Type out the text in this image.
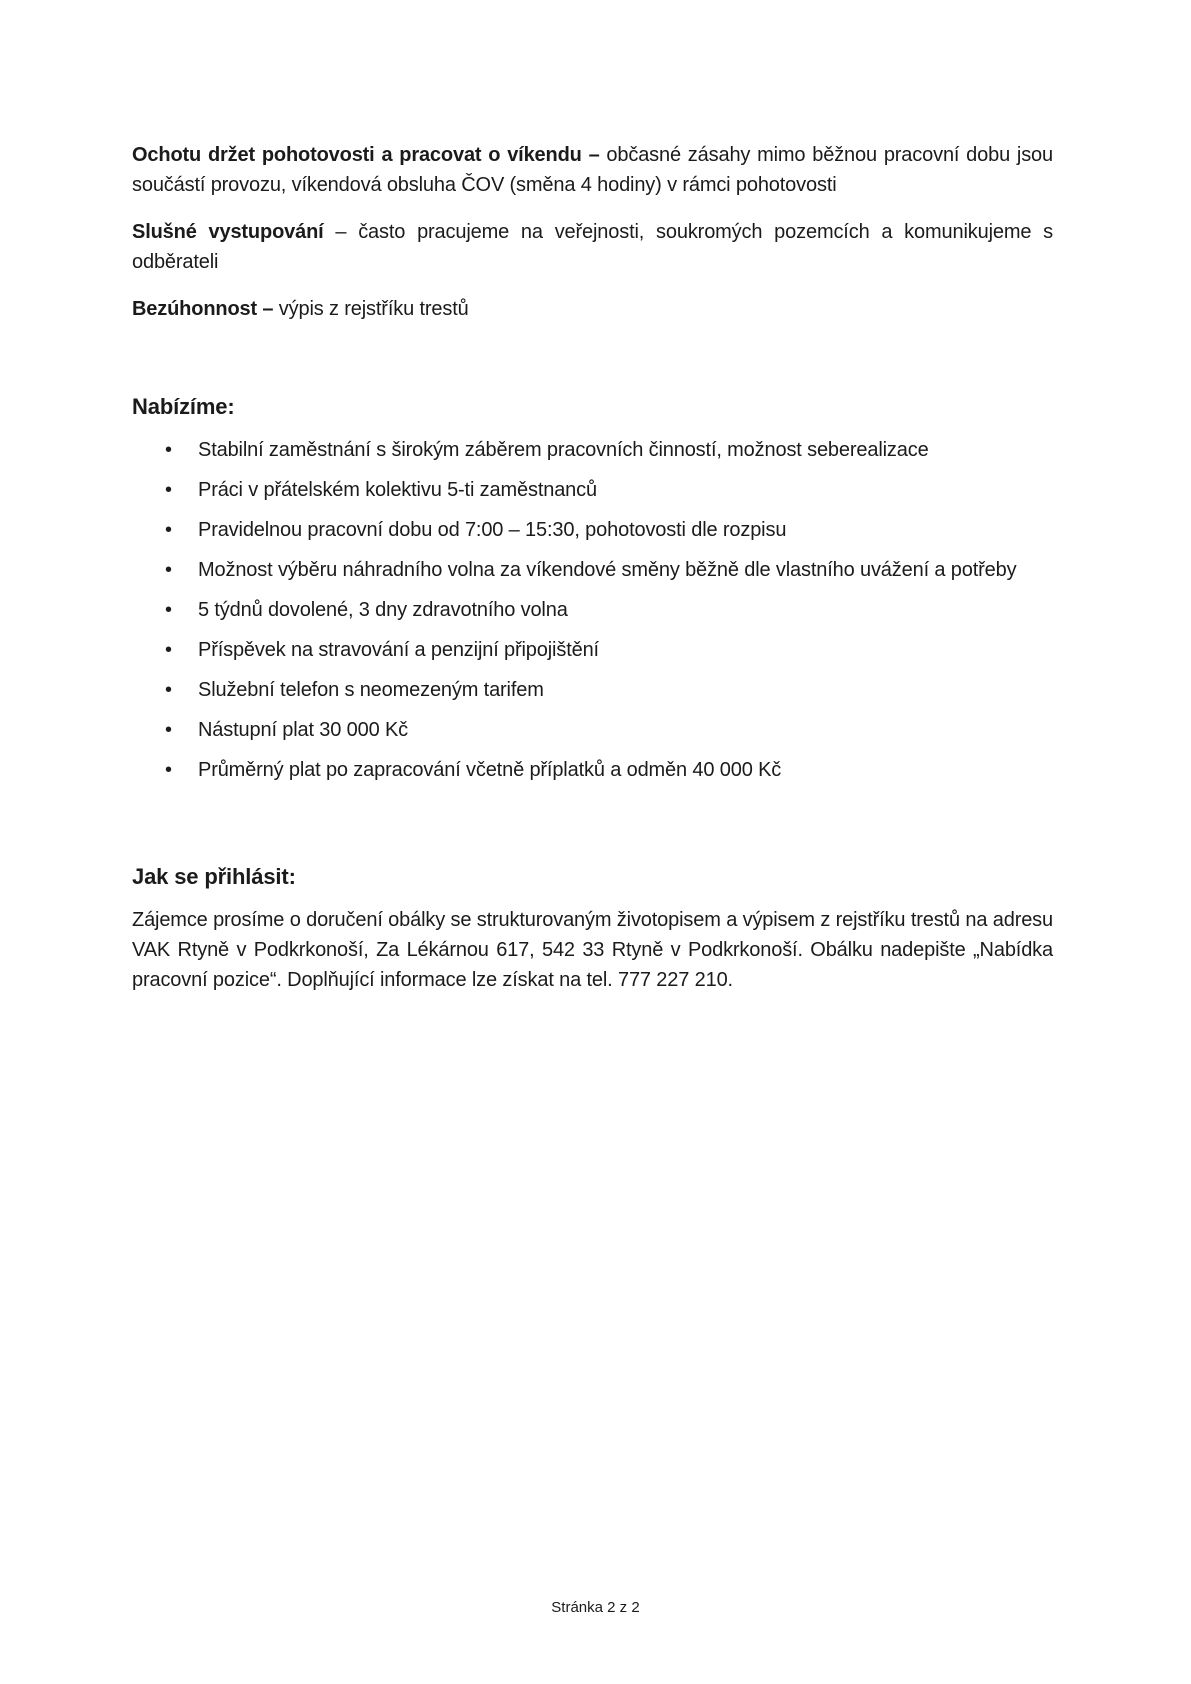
Ochotu držet pohotovosti a pracovat o víkendu – občasné zásahy mimo běžnou pracovní dobu jsou součástí provozu, víkendová obsluha ČOV (směna 4 hodiny) v rámci pohotovosti

Slušné vystupování – často pracujeme na veřejnosti, soukromých pozemcích a komunikujeme s odběrateli

Bezúhonnost – výpis z rejstříku trestů

Nabízíme:
• Stabilní zaměstnání s širokým záběrem pracovních činností, možnost seberealizace
• Práci v přátelském kolektivu 5-ti zaměstnanců
• Pravidelnou pracovní dobu od 7:00 – 15:30, pohotovosti dle rozpisu
• Možnost výběru náhradního volna za víkendové směny běžně dle vlastního uvážení a potřeby
• 5 týdnů dovolené, 3 dny zdravotního volna
• Příspěvek na stravování a penzijní připojištění
• Služební telefon s neomezeným tarifem
• Nástupní plat 30 000 Kč
• Průměrný plat po zapracování včetně příplatků a odměn 40 000 Kč
Jak se přihlásit:

Zájemce prosíme o doručení obálky se strukturovaným životopisem a výpisem z rejstříku trestů na adresu VAK Rtyně v Podkrkonoší, Za Lékárnou 617, 542 33 Rtyně v Podkrkonoší. Obálku nadepište „Nabídka pracovní pozice“. Doplňující informace lze získat na tel. 777 227 210.

Stránka 2 z 2
